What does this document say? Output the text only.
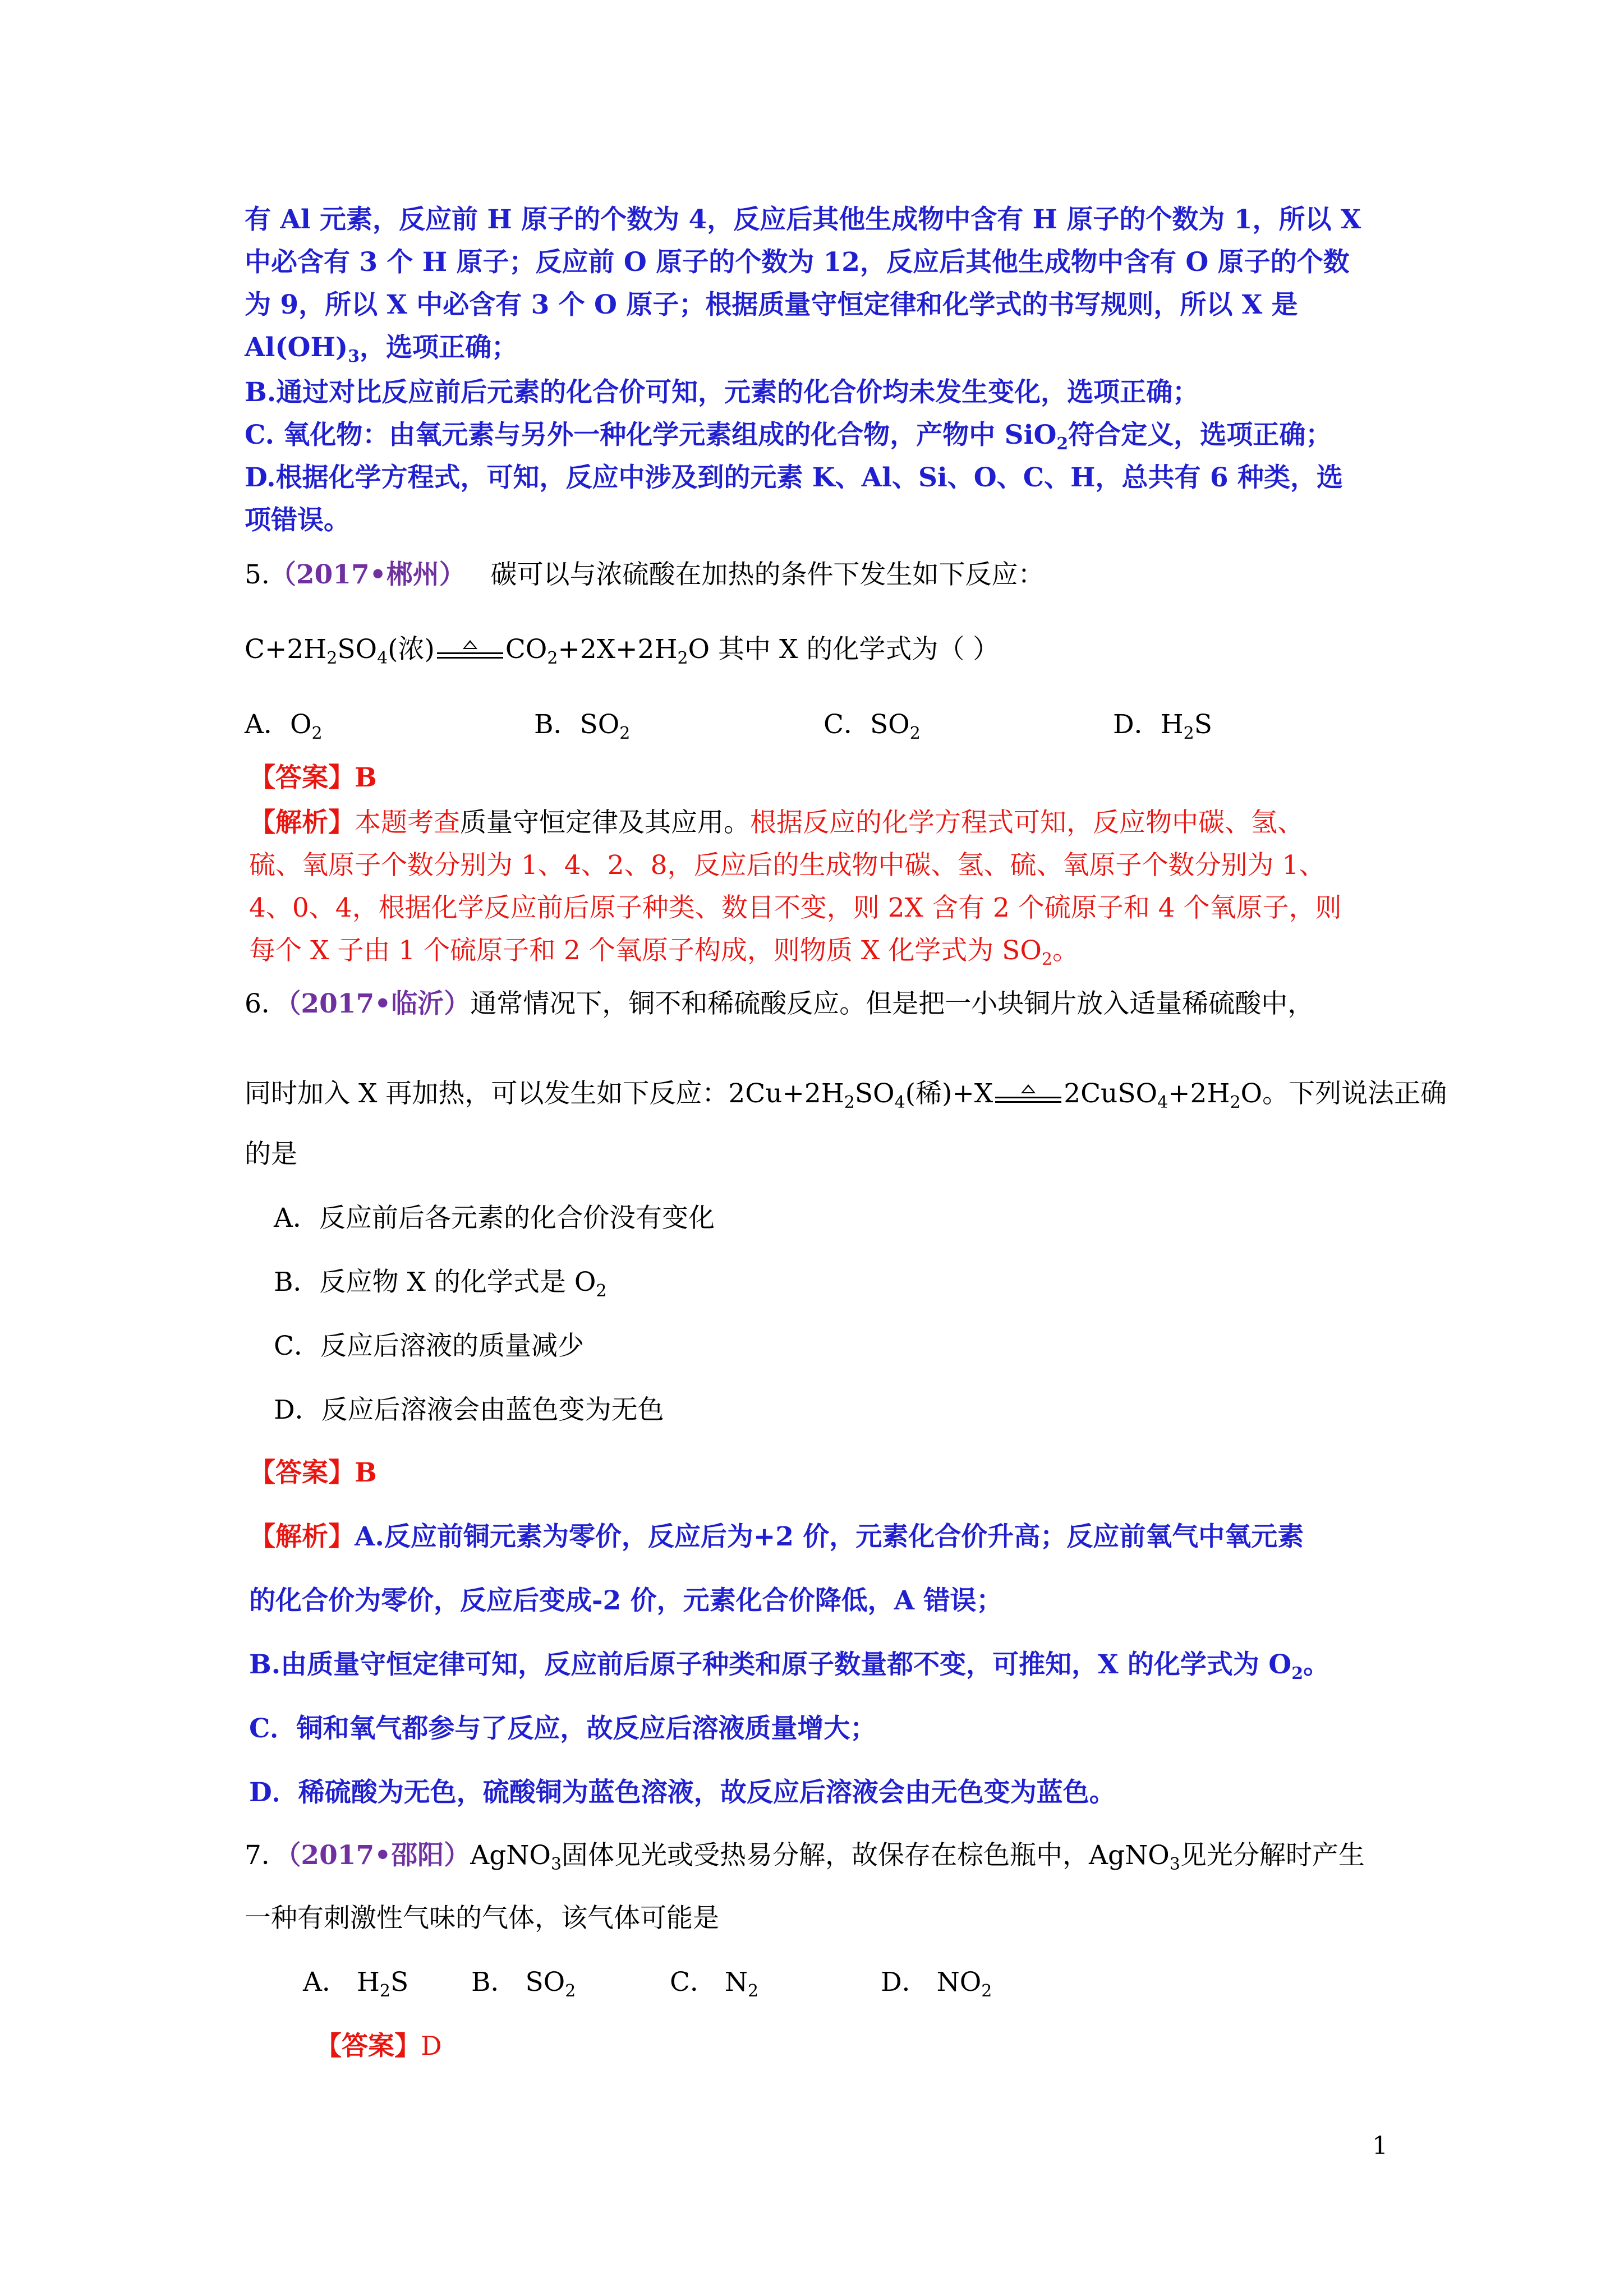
有 Al 元素，反应前 H 原子的个数为 4，反应后其他生成物中含有 H 原子的个数为 1，所以 X
中必含有 3 个 H 原子；反应前 O 原子的个数为 12，反应后其他生成物中含有 O 原子的个数
为 9，所以 X 中必含有 3 个 O 原子；根据质量守恒定律和化学式的书写规则，所以 X 是
$Al(OH)_3$，选项正确；
B.通过对比反应前后元素的化合价可知，元素的化合价均未发生变化，选项正确；
C. 氧化物：由氧元素与另外一种化学元素组成的化合物，产物中 SiO$_2$符合定义，选项正确；
D.根据化学方程式，可知，反应中涉及到的元素 K、Al、Si、O、C、H，总共有 6 种类，选
项错误。
5.（2017•郴州） 碳可以与浓硫酸在加热的条件下发生如下反应：
$C+2H_2SO_4$(浓)	$CO_2+2X+2H_2O$ 其中 X 的化学式为（ ）
A．$O_2$	B．$SO_2$	C．$SO_2$	D．$H_2S$
【答案】B
【解析】本题考查质量守恒定律及其应用。根据反应的化学方程式可知，反应物中碳、氢、
硫、氧原子个数分别为 1、4、2、8，反应后的生成物中碳、氢、硫、氧原子个数分别为 1、
4、0、4，根据化学反应前后原子种类、数目不变，则 2X 含有 2 个硫原子和 4 个氧原子，则
每个 X 子由 1 个硫原子和 2 个氧原子构成，则物质 X 化学式为 $SO_2$。
6．（2017•临沂）通常情况下，铜不和稀硫酸反应。但是把一小块铜片放入适量稀硫酸中，
同时加入 X 再加热，可以发生如下反应：$2Cu+2H_2SO_4$(稀)+X	$2CuSO_4+2H_2O$。下列说法正确
的是
A．反应前后各元素的化合价没有变化
B．反应物 X 的化学式是 $O_2$
C．反应后溶液的质量减少
D．反应后溶液会由蓝色变为无色
【答案】B
【解析】A.反应前铜元素为零价，反应后为+2 价，元素化合价升高；反应前氧气中氧元素
的化合价为零价，反应后变成-2 价，元素化合价降低，A 错误；
B.由质量守恒定律可知，反应前后原子种类和原子数量都不变，可推知，X 的化学式为 $O_2$。
C．铜和氧气都参与了反应，故反应后溶液质量增大；
D．稀硫酸为无色，硫酸铜为蓝色溶液，故反应后溶液会由无色变为蓝色。
7．（2017•邵阳）AgNO$_3$固体见光或受热易分解，故保存在棕色瓶中，AgNO$_3$见光分解时产生
一种有刺激性气味的气体，该气体可能是
A． $H_2S$ B． $SO_2$	C． $N_2$	D． $NO_2$
【答案】D
1
